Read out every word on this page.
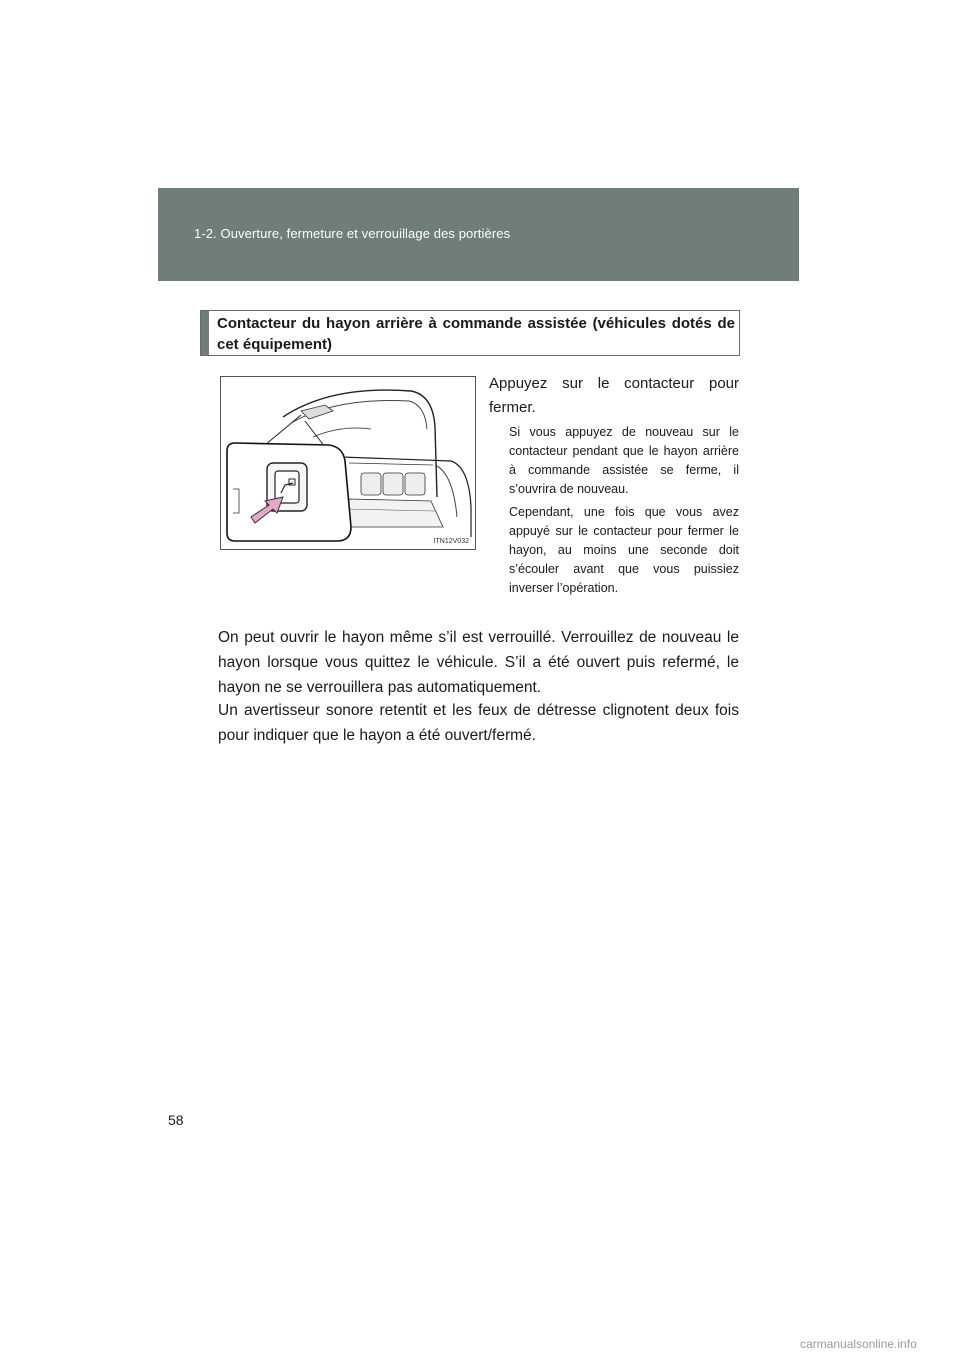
1-2. Ouverture, fermeture et verrouillage des portières
Contacteur du hayon arrière à commande assistée (véhicules dotés de cet équipement)
ITN12V032
Appuyez sur le contacteur pour fermer.
Si vous appuyez de nouveau sur le contacteur pendant que le hayon arrière à commande assistée se ferme, il s’ouvrira de nouveau.
Cependant, une fois que vous avez appuyé sur le contacteur pour fermer le hayon, au moins une seconde doit s’écouler avant que vous puissiez inverser l’opération.
On peut ouvrir le hayon même s’il est verrouillé. Verrouillez de nouveau le hayon lorsque vous quittez le véhicule. S’il a été ouvert puis refermé, le hayon ne se verrouillera pas automatiquement.
Un avertisseur sonore retentit et les feux de détresse clignotent deux fois pour indiquer que le hayon a été ouvert/fermé.
58
carmanualsonline.info
